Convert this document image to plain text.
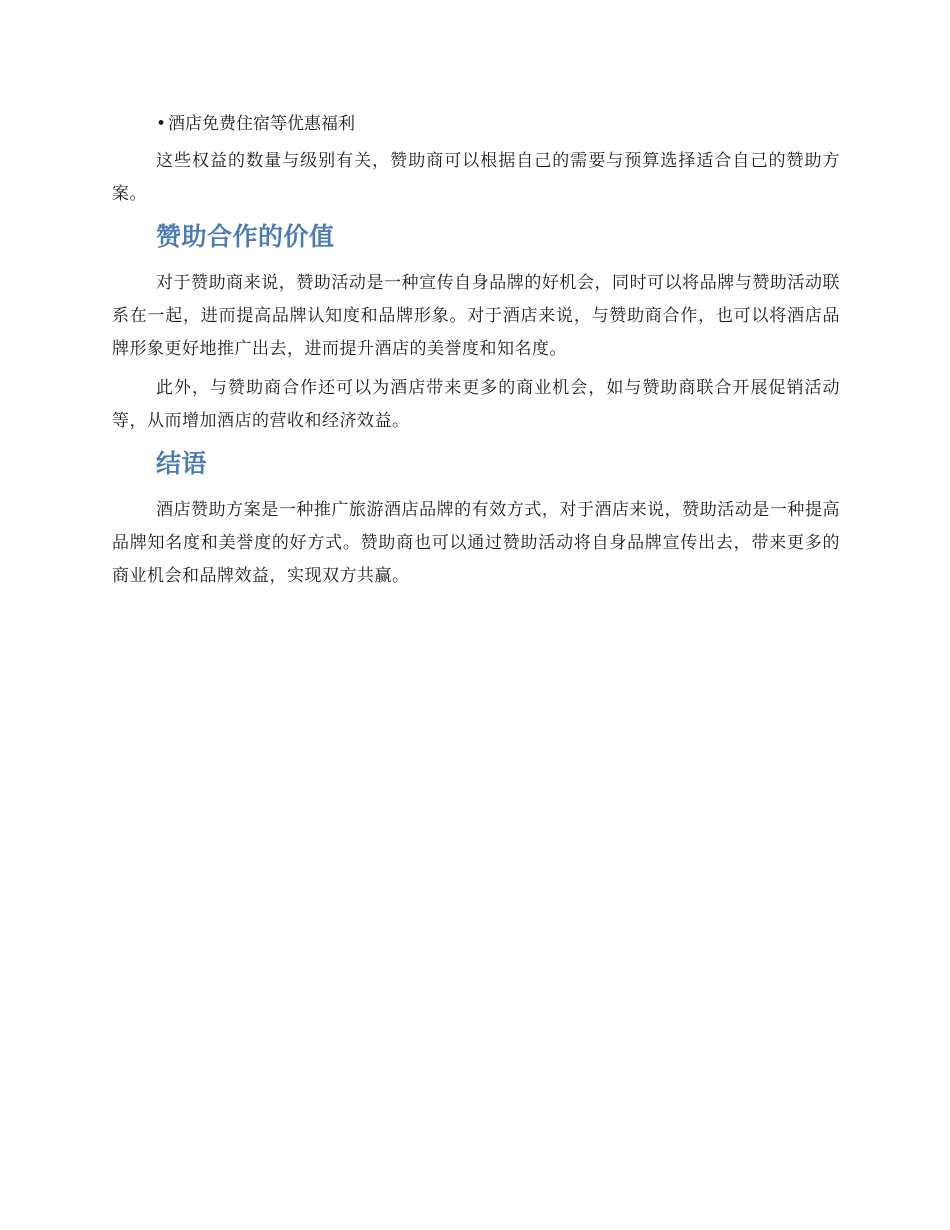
• 酒店免费住宿等优惠福利

这些权益的数量与级别有关，赞助商可以根据自己的需要与预算选择适合自己的赞助方案。

赞助合作的价值

对于赞助商来说，赞助活动是一种宣传自身品牌的好机会，同时可以将品牌与赞助活动联系在一起，进而提高品牌认知度和品牌形象。对于酒店来说，与赞助商合作，也可以将酒店品牌形象更好地推广出去，进而提升酒店的美誉度和知名度。

此外，与赞助商合作还可以为酒店带来更多的商业机会，如与赞助商联合开展促销活动等，从而增加酒店的营收和经济效益。

结语

酒店赞助方案是一种推广旅游酒店品牌的有效方式，对于酒店来说，赞助活动是一种提高品牌知名度和美誉度的好方式。赞助商也可以通过赞助活动将自身品牌宣传出去，带来更多的商业机会和品牌效益，实现双方共赢。
